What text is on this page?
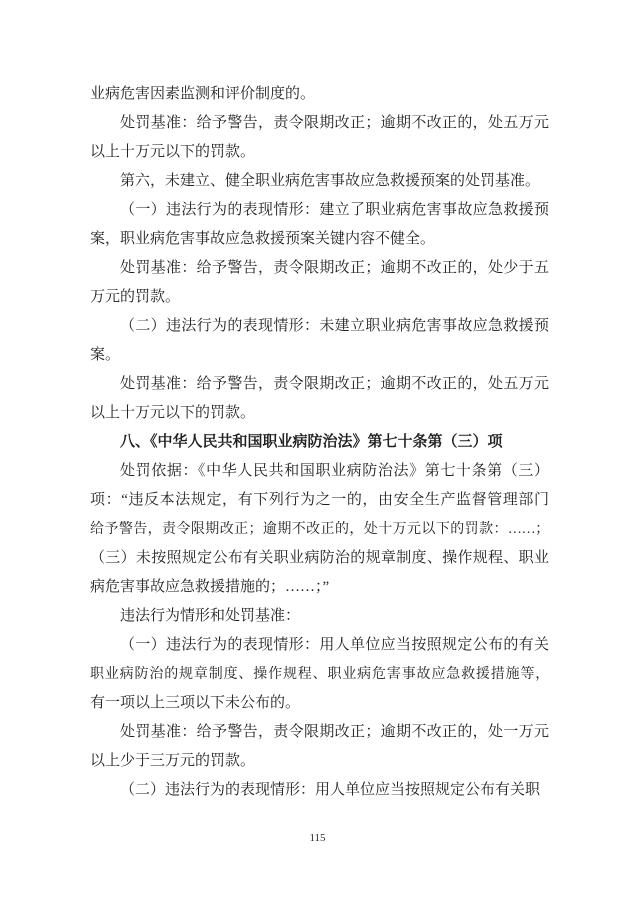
业病危害因素监测和评价制度的。
处罚基准：给予警告，责令限期改正；逾期不改正的，处五万元
以上十万元以下的罚款。
第六，未建立、健全职业病危害事故应急救援预案的处罚基准。
（一）违法行为的表现情形：建立了职业病危害事故应急救援预
案，职业病危害事故应急救援预案关键内容不健全。
处罚基准：给予警告，责令限期改正；逾期不改正的，处少于五
万元的罚款。
（二）违法行为的表现情形：未建立职业病危害事故应急救援预
案。
处罚基准：给予警告，责令限期改正；逾期不改正的，处五万元
以上十万元以下的罚款。
八、《中华人民共和国职业病防治法》第七十条第（三）项
处罚依据：《中华人民共和国职业病防治法》第七十条第（三）
项：“违反本法规定，有下列行为之一的，由安全生产监督管理部门
给予警告，责令限期改正；逾期不改正的，处十万元以下的罚款：……；
（三）未按照规定公布有关职业病防治的规章制度、操作规程、职业
病危害事故应急救援措施的；……；”
违法行为情形和处罚基准：
（一）违法行为的表现情形：用人单位应当按照规定公布的有关
职业病防治的规章制度、操作规程、职业病危害事故应急救援措施等，
有一项以上三项以下未公布的。
处罚基准：给予警告，责令限期改正；逾期不改正的，处一万元
以上少于三万元的罚款。
（二）违法行为的表现情形：用人单位应当按照规定公布有关职
115
